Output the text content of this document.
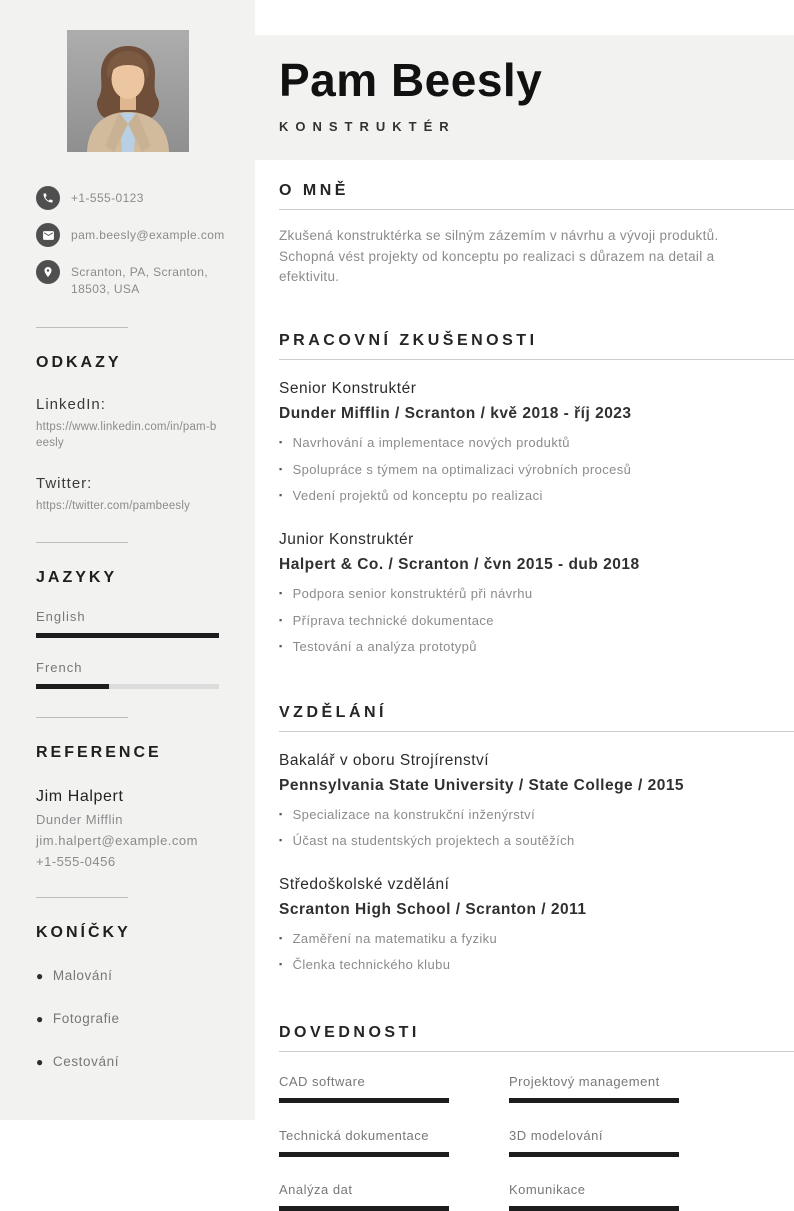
+1-555-0123
pam.beesly@example.com
Scranton, PA, Scranton,
18503, USA
ODKAZY
LinkedIn:
https://www.linkedin.com/in/pam-beesly
Twitter:
https://twitter.com/pambeesly
JAZYKY
English
French
REFERENCE
Jim Halpert
Dunder Mifflin
jim.halpert@example.com
+1-555-0456
KONÍČKY
● Malování
● Fotografie
● Cestování
Pam Beesly
KONSTRUKTÉR
O MNĚ

Zkušená konstruktérka se silným zázemím v návrhu a vývoji produktů. Schopná vést projekty od konceptu po realizaci s důrazem na detail a efektivitu.

PRACOVNÍ ZKUŠENOSTI
Senior Konstruktér
Dunder Mifflin / Scranton / kvě 2018 - říj 2023
▪ Navrhování a implementace nových produktů
▪ Spolupráce s týmem na optimalizaci výrobních procesů
▪ Vedení projektů od konceptu po realizaci
Junior Konstruktér
Halpert & Co. / Scranton / čvn 2015 - dub 2018
▪ Podpora senior konstruktérů při návrhu
▪ Příprava technické dokumentace
▪ Testování a analýza prototypů
VZDĚLÁNÍ
Bakalář v oboru Strojírenství
Pennsylvania State University / State College / 2015
▪ Specializace na konstrukční inženýrství
▪ Účast na studentských projektech a soutěžích
Středoškolské vzdělání
Scranton High School / Scranton / 2011
▪ Zaměření na matematiku a fyziku
▪ Členka technického klubu
DOVEDNOSTI
CAD software	Projektový management
Technická dokumentace	3D modelování
Analýza dat	Komunikace
